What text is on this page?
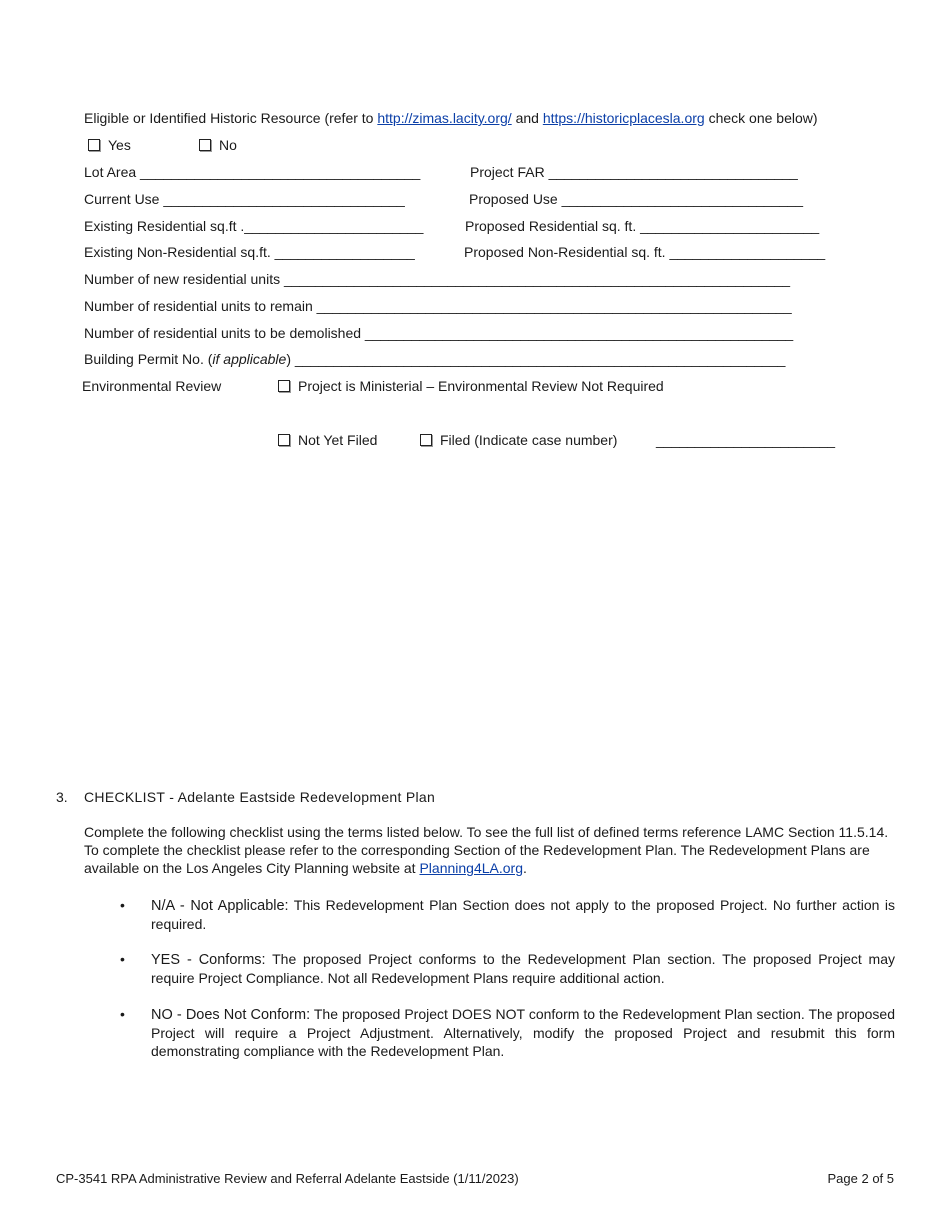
Eligible or Identified Historic Resource (refer to http://zimas.lacity.org/ and https://historicplacesla.org check one below)
Yes	No
Lot Area ____________________________________	Project FAR ________________________________
Current Use _______________________________	Proposed Use _______________________________
Existing Residential sq.ft ._______________________	Proposed Residential sq. ft. _______________________
Existing Non-Residential sq.ft. __________________	Proposed Non-Residential sq. ft. ____________________
Number of new residential units _________________________________________________________________
Number of residential units to remain _____________________________________________________________
Number of residential units to be demolished _______________________________________________________
Building Permit No. (if applicable) _______________________________________________________________
Environmental Review	Project is Ministerial – Environmental Review Not Required
Not Yet Filed	Filed (Indicate case number)	_______________________
3. CHECKLIST - Adelante Eastside Redevelopment Plan
Complete the following checklist using the terms listed below. To see the full list of defined terms reference LAMC Section 11.5.14. To complete the checklist please refer to the corresponding Section of the Redevelopment Plan. The Redevelopment Plans are available on the Los Angeles City Planning website at Planning4LA.org.
• N/A - Not Applicable: This Redevelopment Plan Section does not apply to the proposed Project. No further action is required.
• YES - Conforms: The proposed Project conforms to the Redevelopment Plan section. The proposed Project may require Project Compliance. Not all Redevelopment Plans require additional action.
• NO - Does Not Conform: The proposed Project DOES NOT conform to the Redevelopment Plan section. The proposed Project will require a Project Adjustment. Alternatively, modify the proposed Project and resubmit this form demonstrating compliance with the Redevelopment Plan.
CP-3541 RPA Administrative Review and Referral Adelante Eastside (1/11/2023)	Page 2 of 5
